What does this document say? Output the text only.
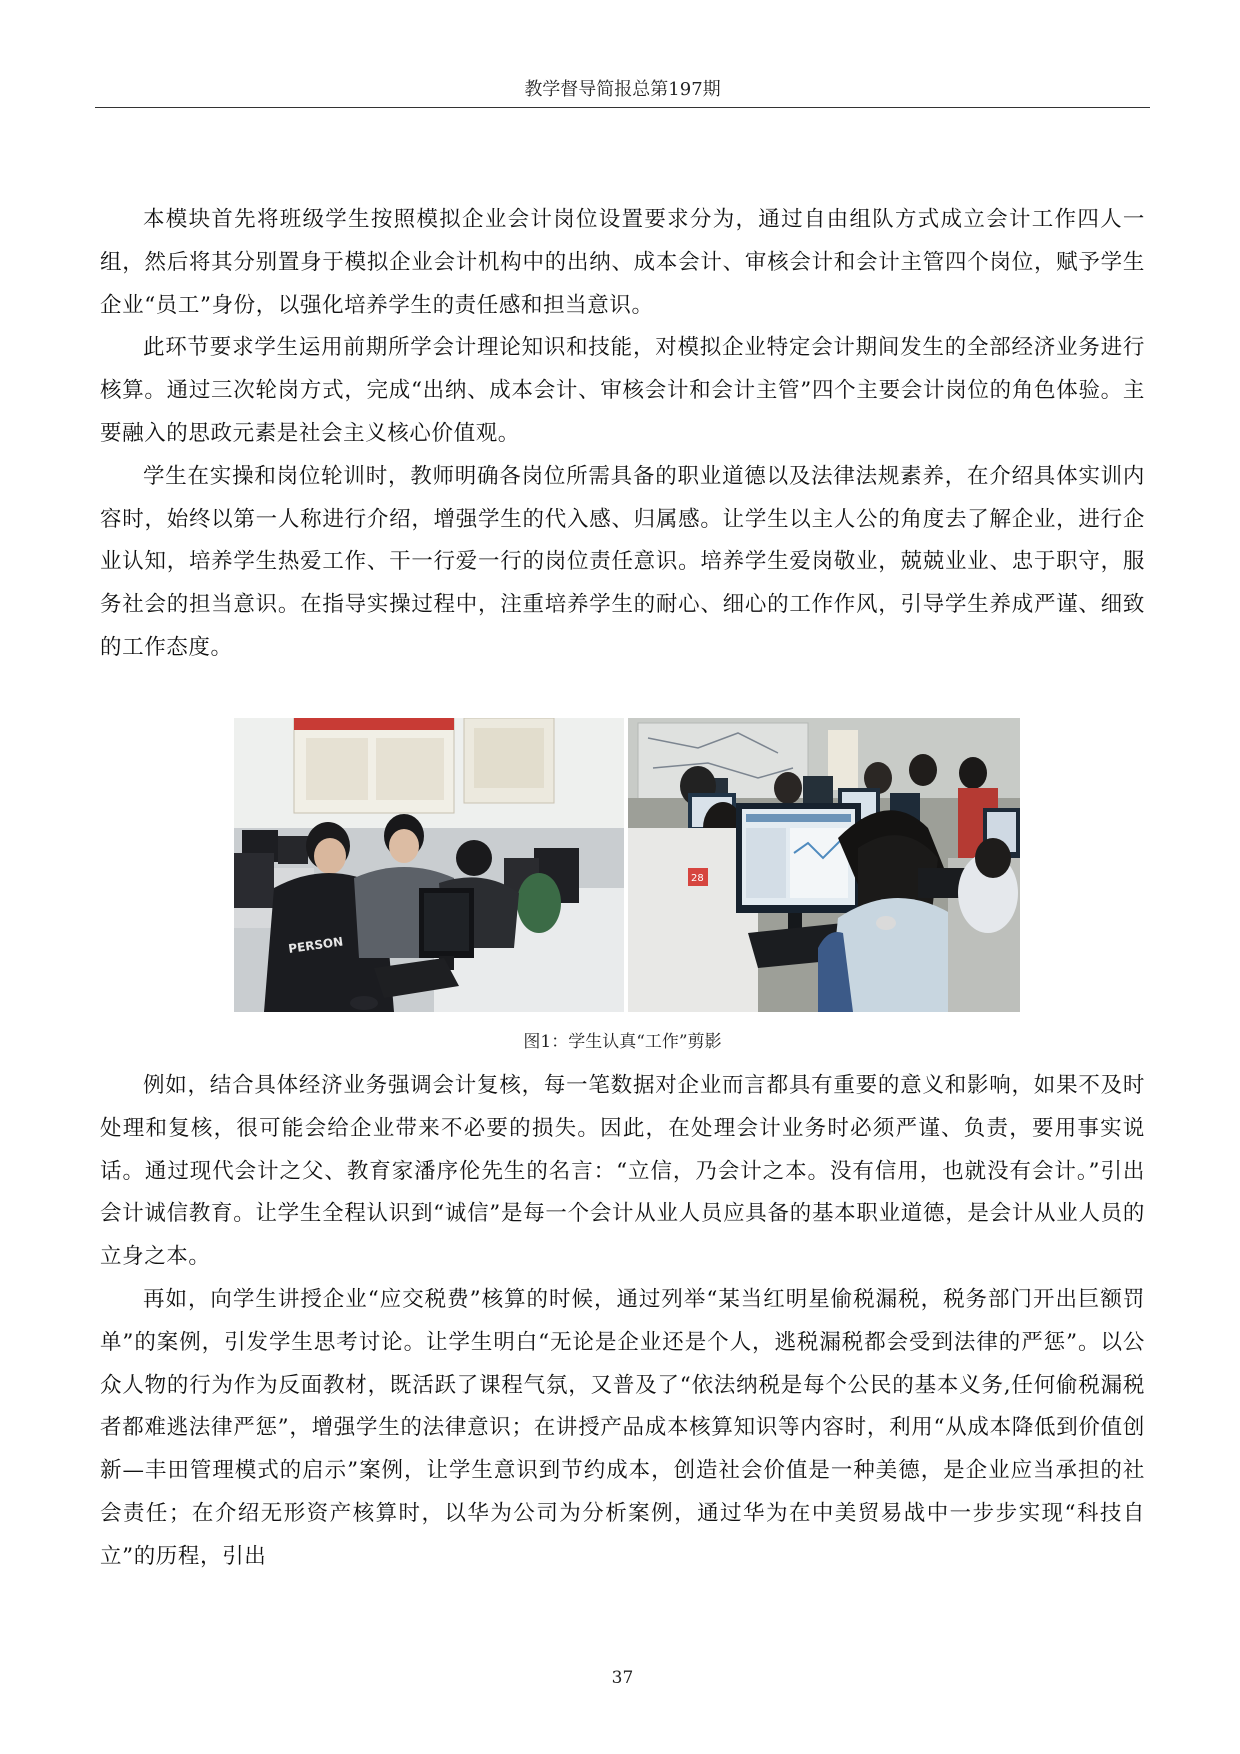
教学督导简报总第197期

本模块首先将班级学生按照模拟企业会计岗位设置要求分为，通过自由组队方式成立会计工作四人一组，然后将其分别置身于模拟企业会计机构中的出纳、成本会计、审核会计和会计主管四个岗位，赋予学生企业“员工”身份，以强化培养学生的责任感和担当意识。

此环节要求学生运用前期所学会计理论知识和技能，对模拟企业特定会计期间发生的全部经济业务进行核算。通过三次轮岗方式，完成“出纳、成本会计、审核会计和会计主管”四个主要会计岗位的角色体验。主要融入的思政元素是社会主义核心价值观。

学生在实操和岗位轮训时，教师明确各岗位所需具备的职业道德以及法律法规素养，在介绍具体实训内容时，始终以第一人称进行介绍，增强学生的代入感、归属感。让学生以主人公的角度去了解企业，进行企业认知，培养学生热爱工作、干一行爱一行的岗位责任意识。培养学生爱岗敬业，兢兢业业、忠于职守，服务社会的担当意识。在指导实操过程中，注重培养学生的耐心、细心的工作作风，引导学生养成严谨、细致的工作态度。

PERSON
28
图1：学生认真“工作”剪影

例如，结合具体经济业务强调会计复核，每一笔数据对企业而言都具有重要的意义和影响，如果不及时处理和复核，很可能会给企业带来不必要的损失。因此，在处理会计业务时必须严谨、负责，要用事实说话。通过现代会计之父、教育家潘序伦先生的名言：“立信，乃会计之本。没有信用，也就没有会计。”引出会计诚信教育。让学生全程认识到“诚信”是每一个会计从业人员应具备的基本职业道德，是会计从业人员的立身之本。

再如，向学生讲授企业“应交税费”核算的时候，通过列举“某当红明星偷税漏税，税务部门开出巨额罚单”的案例，引发学生思考讨论。让学生明白“无论是企业还是个人，逃税漏税都会受到法律的严惩”。以公众人物的行为作为反面教材，既活跃了课程气氛，又普及了“依法纳税是每个公民的基本义务,任何偷税漏税者都难逃法律严惩”，增强学生的法律意识；在讲授产品成本核算知识等内容时，利用“从成本降低到价值创新—丰田管理模式的启示”案例，让学生意识到节约成本，创造社会价值是一种美德，是企业应当承担的社会责任；在介绍无形资产核算时，以华为公司为分析案例，通过华为在中美贸易战中一步步实现“科技自立”的历程，引出

37
